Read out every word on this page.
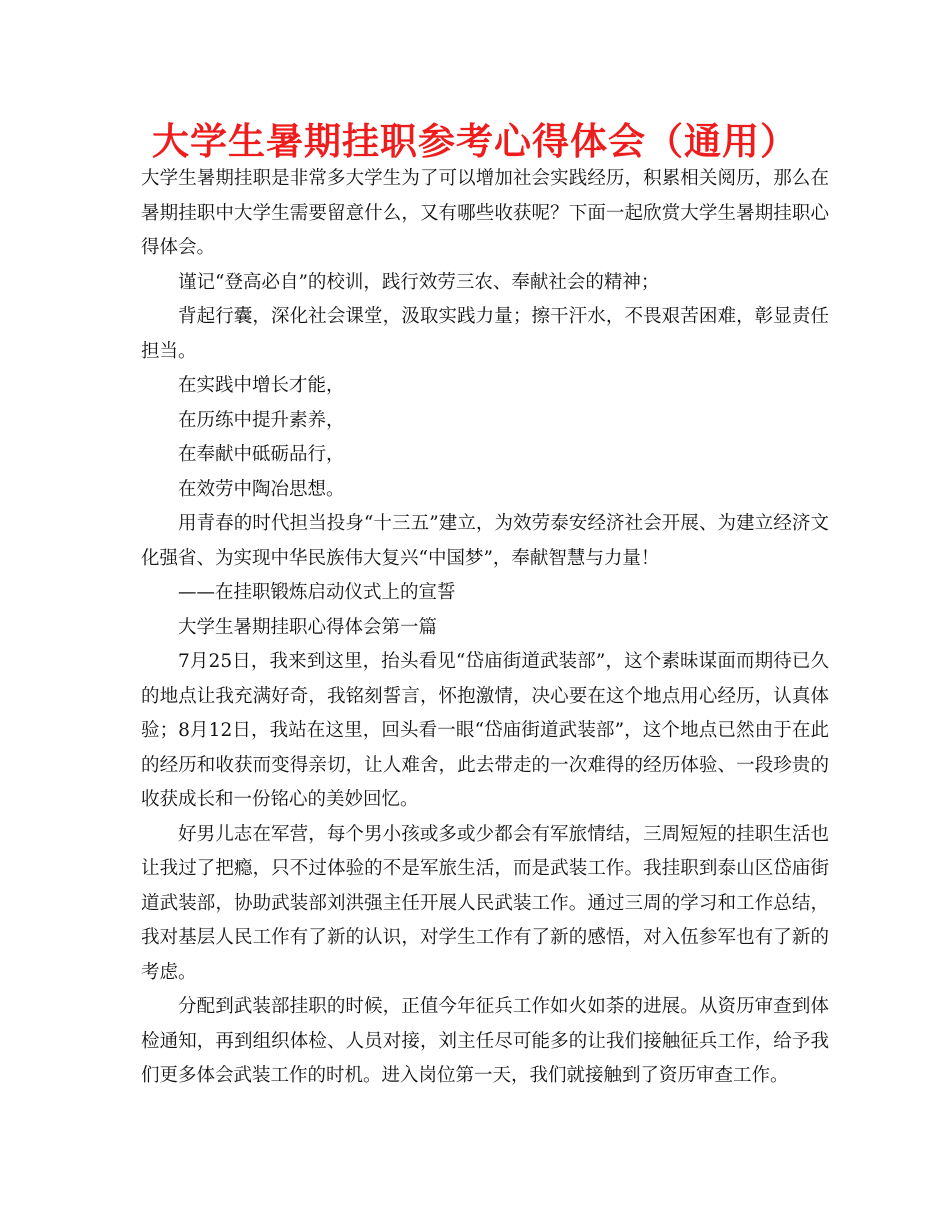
大学生暑期挂职参考心得体会（通用）

大学生暑期挂职是非常多大学生为了可以增加社会实践经历，积累相关阅历，那么在暑期挂职中大学生需要留意什么，又有哪些收获呢？下面一起欣赏大学生暑期挂职心得体会。

谨记“登高必自”的校训，践行效劳三农、奉献社会的精神；

背起行囊，深化社会课堂，汲取实践力量；擦干汗水，不畏艰苦困难，彰显责任担当。

在实践中增长才能，

在历练中提升素养，

在奉献中砥砺品行，

在效劳中陶冶思想。

用青春的时代担当投身“十三五”建立，为效劳泰安经济社会开展、为建立经济文化强省、为实现中华民族伟大复兴“中国梦”，奉献智慧与力量！

——在挂职锻炼启动仪式上的宣誓

大学生暑期挂职心得体会第一篇

7月25日，我来到这里，抬头看见“岱庙街道武装部”，这个素昧谋面而期待已久的地点让我充满好奇，我铭刻誓言，怀抱激情，决心要在这个地点用心经历，认真体验；8月12日，我站在这里，回头看一眼“岱庙街道武装部”，这个地点已然由于在此的经历和收获而变得亲切，让人难舍，此去带走的一次难得的经历体验、一段珍贵的收获成长和一份铭心的美妙回忆。

好男儿志在军营，每个男小孩或多或少都会有军旅情结，三周短短的挂职生活也让我过了把瘾，只不过体验的不是军旅生活，而是武装工作。我挂职到泰山区岱庙街道武装部，协助武装部刘洪强主任开展人民武装工作。通过三周的学习和工作总结，我对基层人民工作有了新的认识，对学生工作有了新的感悟，对入伍参军也有了新的考虑。

分配到武装部挂职的时候，正值今年征兵工作如火如荼的进展。从资历审查到体检通知，再到组织体检、人员对接，刘主任尽可能多的让我们接触征兵工作，给予我们更多体会武装工作的时机。进入岗位第一天，我们就接触到了资历审查工作。
